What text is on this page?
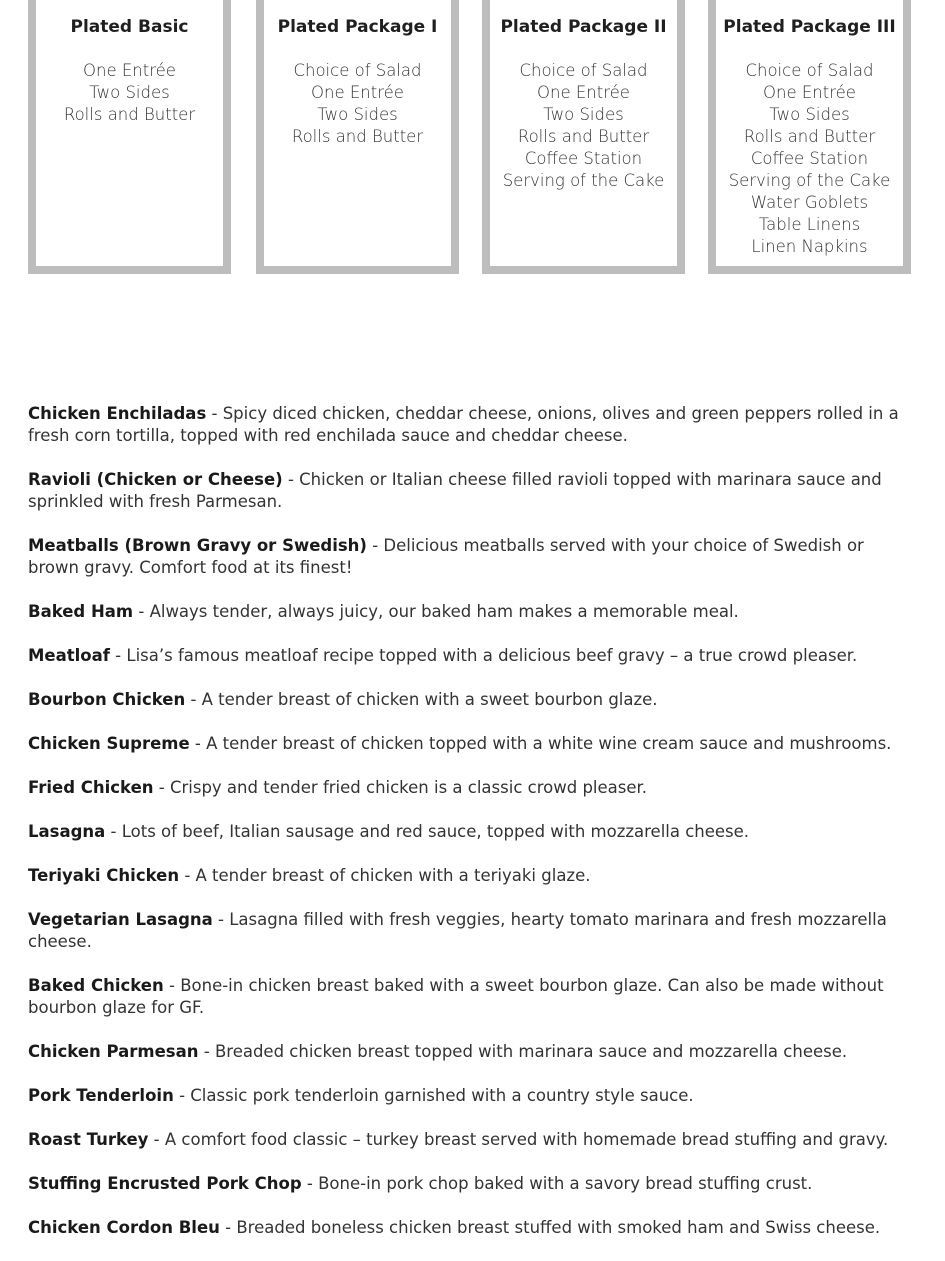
Plated Basic
One Entrée
Two Sides
Rolls and Butter
Plated Package I
Choice of Salad
One Entrée
Two Sides
Rolls and Butter
Plated Package II
Choice of Salad
One Entrée
Two Sides
Rolls and Butter
Coffee Station
Serving of the Cake
Plated Package III
Choice of Salad
One Entrée
Two Sides
Rolls and Butter
Coffee Station
Serving of the Cake
Water Goblets
Table Linens
Linen Napkins
Chicken Enchiladas - Spicy diced chicken, cheddar cheese, onions, olives and green peppers rolled in a fresh corn tortilla, topped with red enchilada sauce and cheddar cheese.
Ravioli (Chicken or Cheese) - Chicken or Italian cheese filled ravioli topped with marinara sauce and sprinkled with fresh Parmesan.
Meatballs (Brown Gravy or Swedish) - Delicious meatballs served with your choice of Swedish or brown gravy. Comfort food at its finest!
Baked Ham - Always tender, always juicy, our baked ham makes a memorable meal.
Meatloaf - Lisa’s famous meatloaf recipe topped with a delicious beef gravy – a true crowd pleaser.
Bourbon Chicken - A tender breast of chicken with a sweet bourbon glaze.
Chicken Supreme - A tender breast of chicken topped with a white wine cream sauce and mushrooms.
Fried Chicken - Crispy and tender fried chicken is a classic crowd pleaser.
Lasagna - Lots of beef, Italian sausage and red sauce, topped with mozzarella cheese.
Teriyaki Chicken - A tender breast of chicken with a teriyaki glaze.
Vegetarian Lasagna - Lasagna filled with fresh veggies, hearty tomato marinara and fresh mozzarella cheese.
Baked Chicken - Bone-in chicken breast baked with a sweet bourbon glaze. Can also be made without bourbon glaze for GF.
Chicken Parmesan - Breaded chicken breast topped with marinara sauce and mozzarella cheese.
Pork Tenderloin - Classic pork tenderloin garnished with a country style sauce.
Roast Turkey - A comfort food classic – turkey breast served with homemade bread stuffing and gravy.
Stuffing Encrusted Pork Chop - Bone-in pork chop baked with a savory bread stuffing crust.
Chicken Cordon Bleu - Breaded boneless chicken breast stuffed with smoked ham and Swiss cheese.
